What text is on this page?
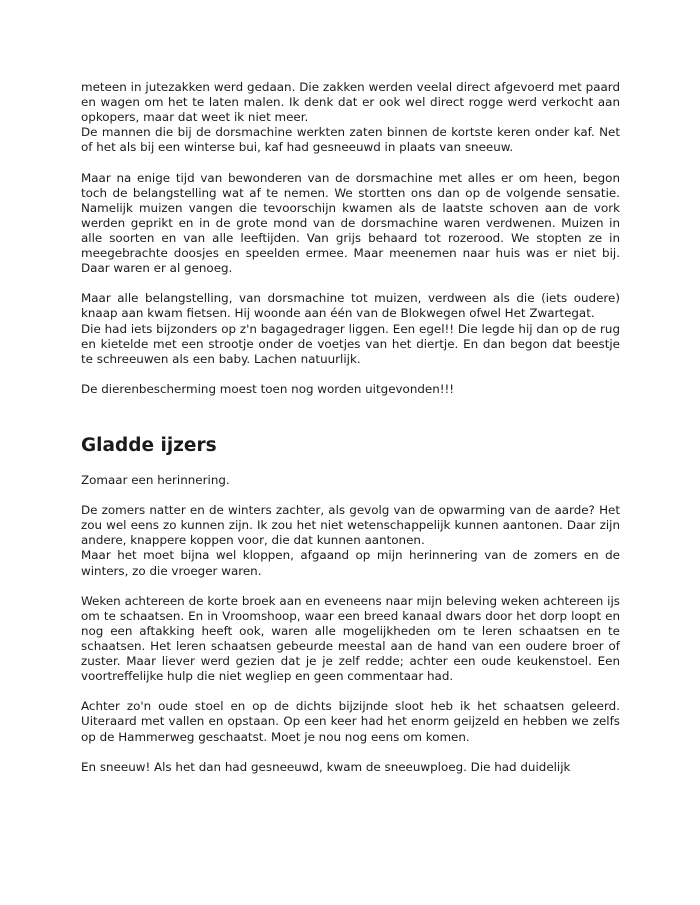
meteen in jutezakken werd gedaan. Die zakken werden veelal direct afgevoerd met paard en wagen om het te laten malen. Ik denk dat er ook wel direct rogge werd verkocht aan opkopers, maar dat weet ik niet meer.

De mannen die bij de dorsmachine werkten zaten binnen de kortste keren onder kaf. Net of het als bij een winterse bui, kaf had gesneeuwd in plaats van sneeuw.

Maar na enige tijd van bewonderen van de dorsmachine met alles er om heen, begon toch de belangstelling wat af te nemen. We stortten ons dan op de volgende sensatie. Namelijk muizen vangen die tevoorschijn kwamen als de laatste schoven aan de vork werden geprikt en in de grote mond van de dorsmachine waren verdwenen. Muizen in alle soorten en van alle leeftijden. Van grijs behaard tot rozerood. We stopten ze in meegebrachte doosjes en speelden ermee. Maar meenemen naar huis was er niet bij. Daar waren er al genoeg.

Maar alle belangstelling, van dorsmachine tot muizen, verdween als die (iets oudere) knaap aan kwam fietsen. Hij woonde aan één van de Blokwegen ofwel Het Zwartegat.

Die had iets bijzonders op z'n bagagedrager liggen. Een egel!! Die legde hij dan op de rug en kietelde met een strootje onder de voetjes van het diertje. En dan begon dat beestje te schreeuwen als een baby. Lachen natuurlijk.

De dierenbescherming moest toen nog worden uitgevonden!!!

Gladde ijzers

Zomaar een herinnering.

De zomers natter en de winters zachter, als gevolg van de opwarming van de aarde? Het zou wel eens zo kunnen zijn. Ik zou het niet wetenschappelijk kunnen aantonen. Daar zijn andere, knappere koppen voor, die dat kunnen aantonen.

Maar het moet bijna wel kloppen, afgaand op mijn herinnering van de zomers en de winters, zo die vroeger waren.

Weken achtereen de korte broek aan en eveneens naar mijn beleving weken achtereen ijs om te schaatsen. En in Vroomshoop, waar een breed kanaal dwars door het dorp loopt en nog een aftakking heeft ook, waren alle mogelijkheden om te leren schaatsen en te schaatsen. Het leren schaatsen gebeurde meestal aan de hand van een oudere broer of zuster. Maar liever werd gezien dat je je zelf redde; achter een oude keukenstoel. Een voortreffelijke hulp die niet wegliep en geen commentaar had.

Achter zo'n oude stoel en op de dichts bijzijnde sloot heb ik het schaatsen geleerd. Uiteraard met vallen en opstaan. Op een keer had het enorm geijzeld en hebben we zelfs op de Hammerweg geschaatst. Moet je nou nog eens om komen.

En sneeuw! Als het dan had gesneeuwd, kwam de sneeuwploeg. Die had duidelijk
